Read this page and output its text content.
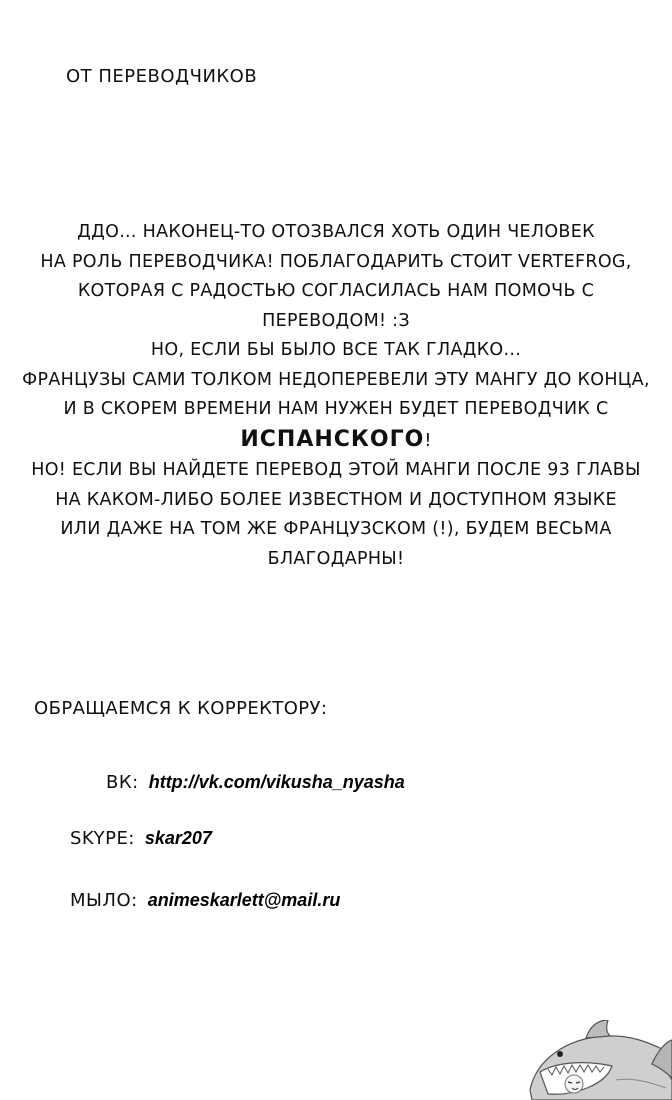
ОТ ПЕРЕВОДЧИКОВ
ДДО... НАКОНЕЦ-ТО ОТОЗВАЛСЯ ХОТЬ ОДИН ЧЕЛОВЕК
НА РОЛЬ ПЕРЕВОДЧИКА! ПОБЛАГОДАРИТЬ СТОИТ VERTEFROG,
КОТОРАЯ С РАДОСТЬЮ СОГЛАСИЛАСЬ НАМ ПОМОЧЬ С
ПЕРЕВОДОМ! :З
НО, ЕСЛИ БЫ БЫЛО ВСЕ ТАК ГЛАДКО...
ФРАНЦУЗЫ САМИ ТОЛКОМ НЕДОПЕРЕВЕЛИ ЭТУ МАНГУ ДО КОНЦА,
И В СКОРЕМ ВРЕМЕНИ НАМ НУЖЕН БУДЕТ ПЕРЕВОДЧИК С
ИСПАНСКОГО!
НО! ЕСЛИ ВЫ НАЙДЕТЕ ПЕРЕВОД ЭТОЙ МАНГИ ПОСЛЕ 93 ГЛАВЫ
НА КАКОМ-ЛИБО БОЛЕЕ ИЗВЕСТНОМ И ДОСТУПНОМ ЯЗЫКЕ
ИЛИ ДАЖЕ НА ТОМ ЖЕ ФРАНЦУЗСКОМ (!), БУДЕМ ВЕСЬМА
БЛАГОДАРНЫ!
ОБРАЩАЕМСЯ К КОРРЕКТОРУ:
ВК: http://vk.com/vikusha_nyasha
SKYPE: skar207
МЫЛО: animeskarlett@mail.ru
